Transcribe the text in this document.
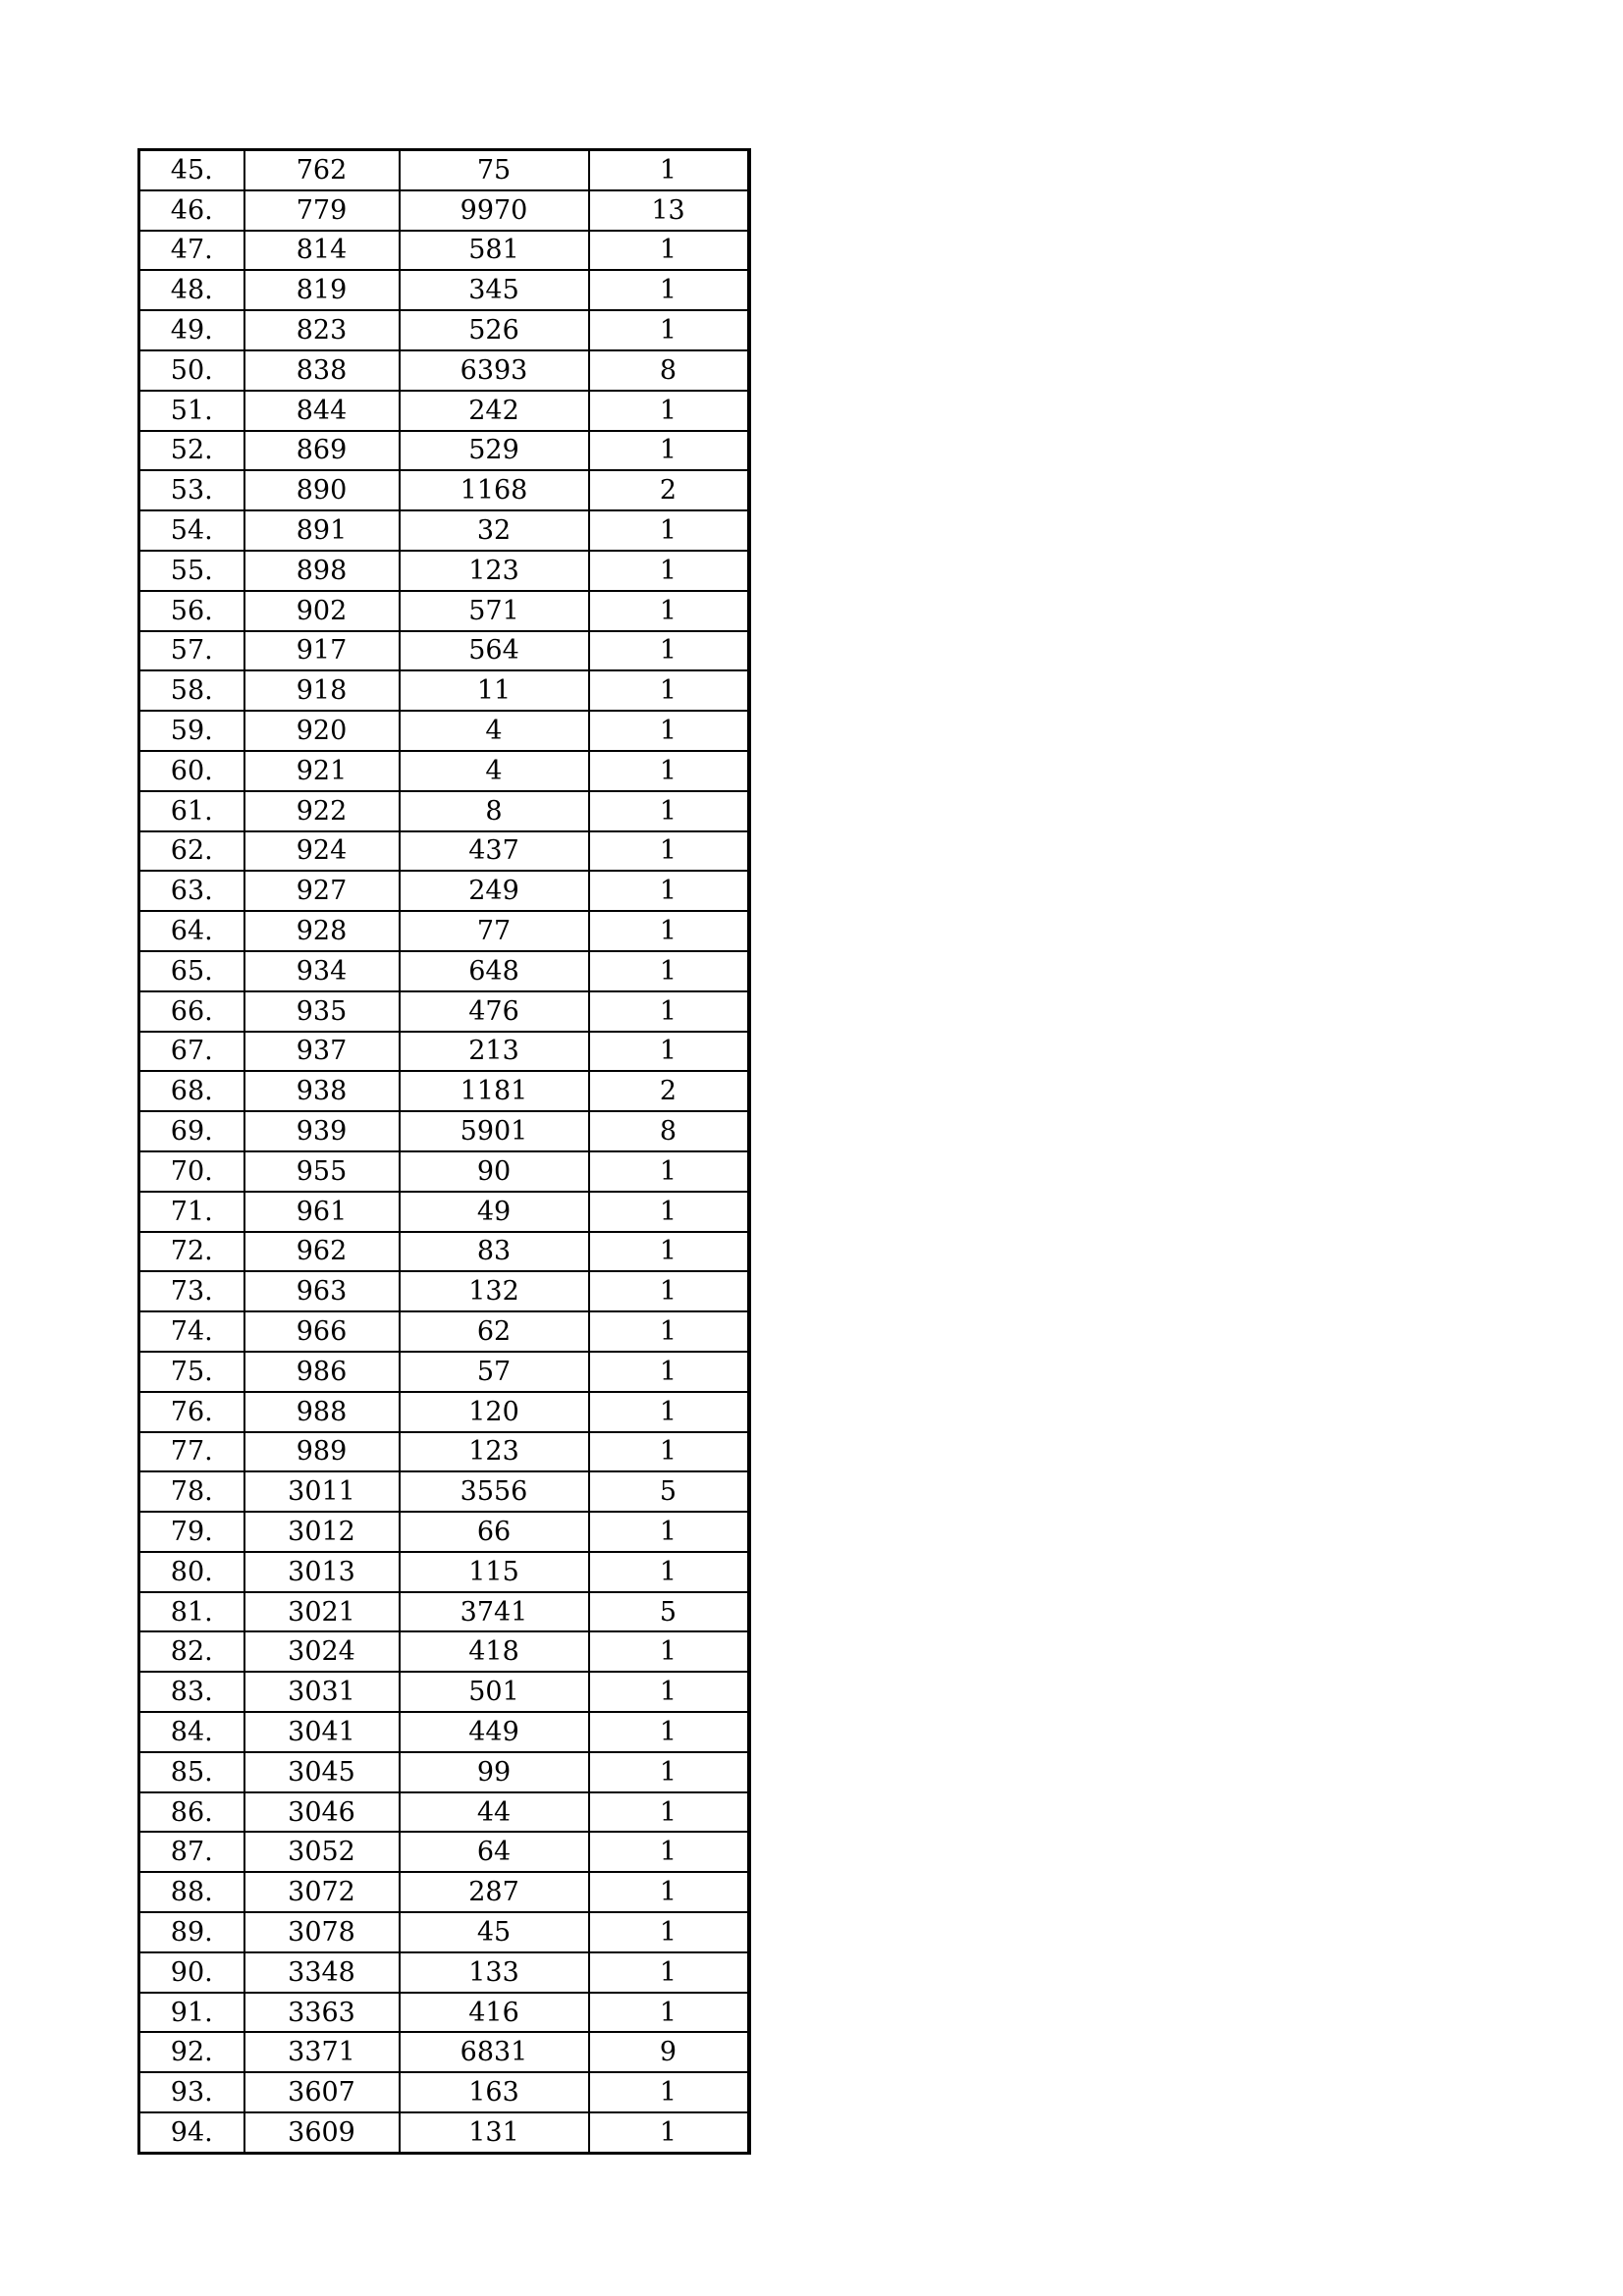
45.	762	75	1
46.	779	9970	13
47.	814	581	1
48.	819	345	1
49.	823	526	1
50.	838	6393	8
51.	844	242	1
52.	869	529	1
53.	890	1168	2
54.	891	32	1
55.	898	123	1
56.	902	571	1
57.	917	564	1
58.	918	11	1
59.	920	4	1
60.	921	4	1
61.	922	8	1
62.	924	437	1
63.	927	249	1
64.	928	77	1
65.	934	648	1
66.	935	476	1
67.	937	213	1
68.	938	1181	2
69.	939	5901	8
70.	955	90	1
71.	961	49	1
72.	962	83	1
73.	963	132	1
74.	966	62	1
75.	986	57	1
76.	988	120	1
77.	989	123	1
78.	3011	3556	5
79.	3012	66	1
80.	3013	115	1
81.	3021	3741	5
82.	3024	418	1
83.	3031	501	1
84.	3041	449	1
85.	3045	99	1
86.	3046	44	1
87.	3052	64	1
88.	3072	287	1
89.	3078	45	1
90.	3348	133	1
91.	3363	416	1
92.	3371	6831	9
93.	3607	163	1
94.	3609	131	1
